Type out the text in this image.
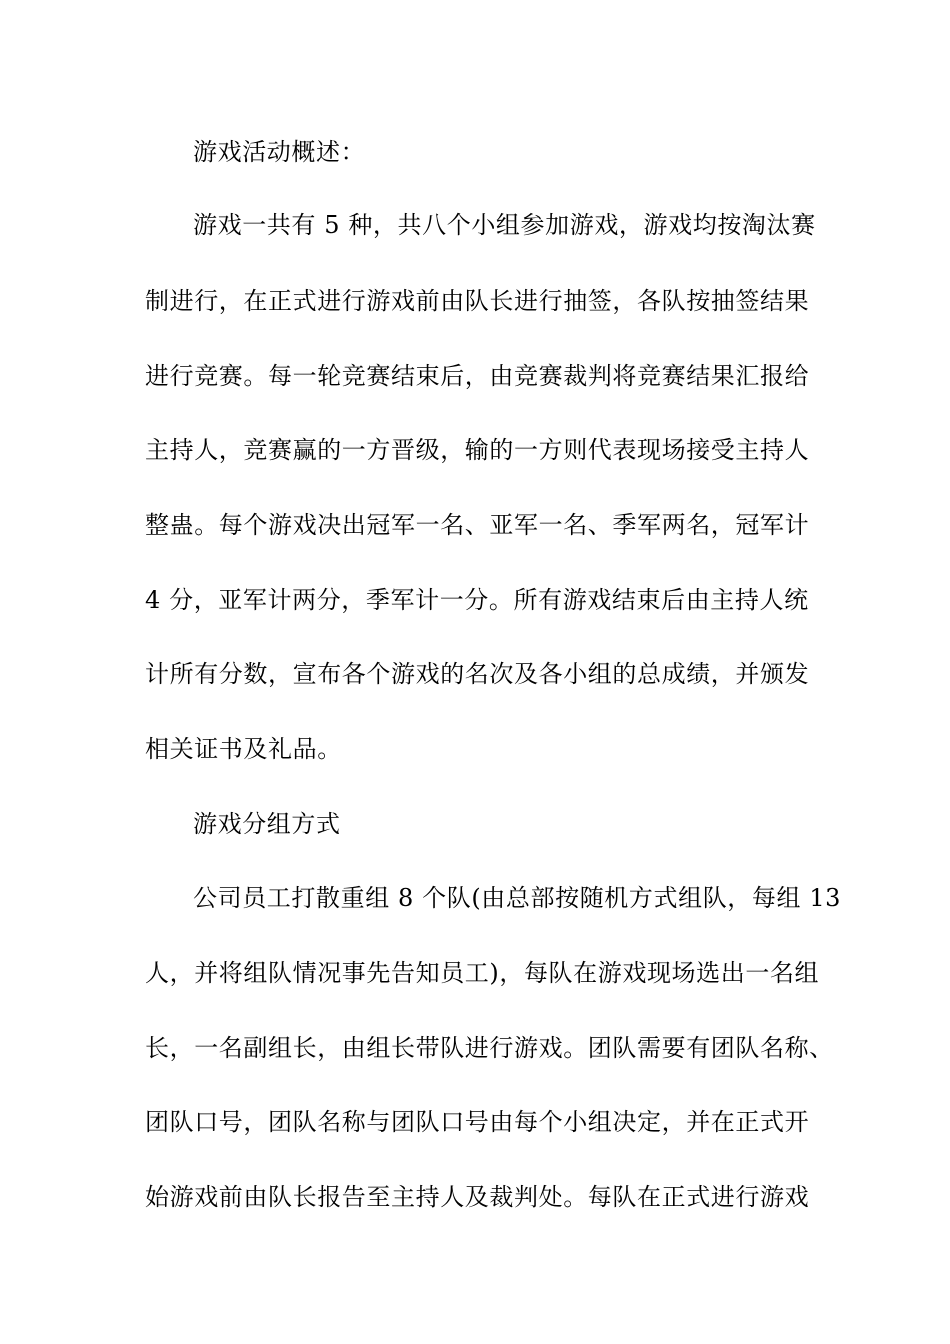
游戏活动概述：
游戏一共有 5 种，共八个小组参加游戏，游戏均按淘汰赛
制进行，在正式进行游戏前由队长进行抽签，各队按抽签结果
进行竞赛。每一轮竞赛结束后，由竞赛裁判将竞赛结果汇报给
主持人，竞赛赢的一方晋级，输的一方则代表现场接受主持人
整蛊。每个游戏决出冠军一名、亚军一名、季军两名，冠军计
4 分，亚军计两分，季军计一分。所有游戏结束后由主持人统
计所有分数，宣布各个游戏的名次及各小组的总成绩，并颁发
相关证书及礼品。
游戏分组方式
公司员工打散重组 8 个队(由总部按随机方式组队，每组 13
人，并将组队情况事先告知员工)，每队在游戏现场选出一名组
长，一名副组长，由组长带队进行游戏。团队需要有团队名称、
团队口号，团队名称与团队口号由每个小组决定，并在正式开
始游戏前由队长报告至主持人及裁判处。每队在正式进行游戏
